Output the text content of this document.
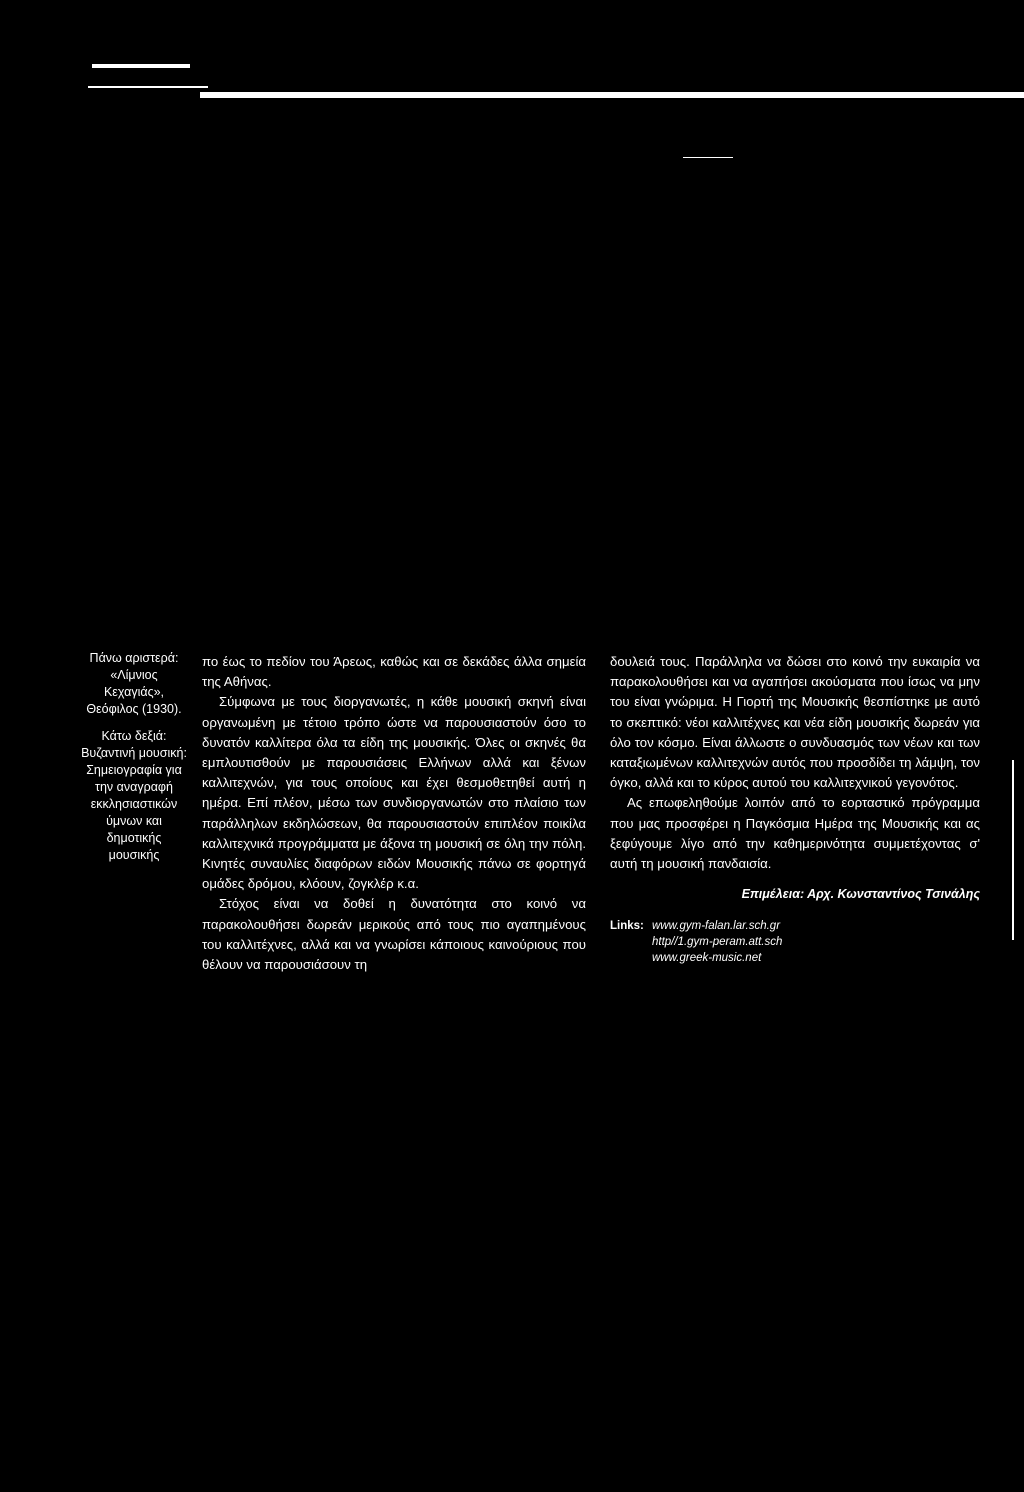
Πάνω αριστερά: «Λίμνιος Κεχαγιάς», Θεόφιλος (1930).

Κάτω δεξιά: Βυζαντινή μουσική: Σημειογραφία για την αναγραφή εκκλησιαστικών ύμνων και δημοτικής μουσικής

πο έως το πεδίον του Άρεως, καθώς και σε δεκάδες άλλα σημεία της Αθήνας.

Σύμφωνα με τους διοργανωτές, η κάθε μουσική σκηνή είναι οργανωμένη με τέτοιο τρόπο ώστε να παρουσιαστούν όσο το δυνατόν καλλίτερα όλα τα είδη της μουσικής. Όλες οι σκηνές θα εμπλουτισθούν με παρουσιάσεις Ελλήνων αλλά και ξένων καλλιτεχνών, για τους οποίους και έχει θεσμοθετηθεί αυτή η ημέρα. Επί πλέον, μέσω των συνδιοργανωτών στο πλαίσιο των παράλληλων εκδηλώσεων, θα παρουσιαστούν επιπλέον ποικίλα καλλιτεχνικά προγράμματα με άξονα τη μουσική σε όλη την πόλη. Κινητές συναυλίες διαφόρων ειδών Μουσικής πάνω σε φορτηγά ομάδες δρόμου, κλόουν, ζογκλέρ κ.α.

Στόχος είναι να δοθεί η δυνατότητα στο κοινό να παρακολουθήσει δωρεάν μερικούς από τους πιο αγαπημένους του καλλιτέχνες, αλλά και να γνωρίσει κάποιους καινούριους που θέλουν να παρουσιάσουν τη

δουλειά τους. Παράλληλα να δώσει στο κοινό την ευκαιρία να παρακολουθήσει και να αγαπήσει ακούσματα που ίσως να μην του είναι γνώριμα. Η Γιορτή της Μουσικής θεσπίστηκε με αυτό το σκεπτικό: νέοι καλλιτέχνες και νέα είδη μουσικής δωρεάν για όλο τον κόσμο. Είναι άλλωστε ο συνδυασμός των νέων και των καταξιωμένων καλλιτεχνών αυτός που προσδίδει τη λάμψη, τον όγκο, αλλά και το κύρος αυτού του καλλιτεχνικού γεγονότος.

Ας επωφεληθούμε λοιπόν από το εορταστικό πρόγραμμα που μας προσφέρει η Παγκόσμια Ημέρα της Μουσικής και ας ξεφύγουμε λίγο από την καθημερινότητα συμμετέχοντας σ' αυτή τη μουσική πανδαισία.

Επιμέλεια: Αρχ. Κωνσταντίνος Τσινάλης

Links: www.gym-falan.lar.sch.gr
http//1.gym-peram.att.sch
www.greek-music.net
